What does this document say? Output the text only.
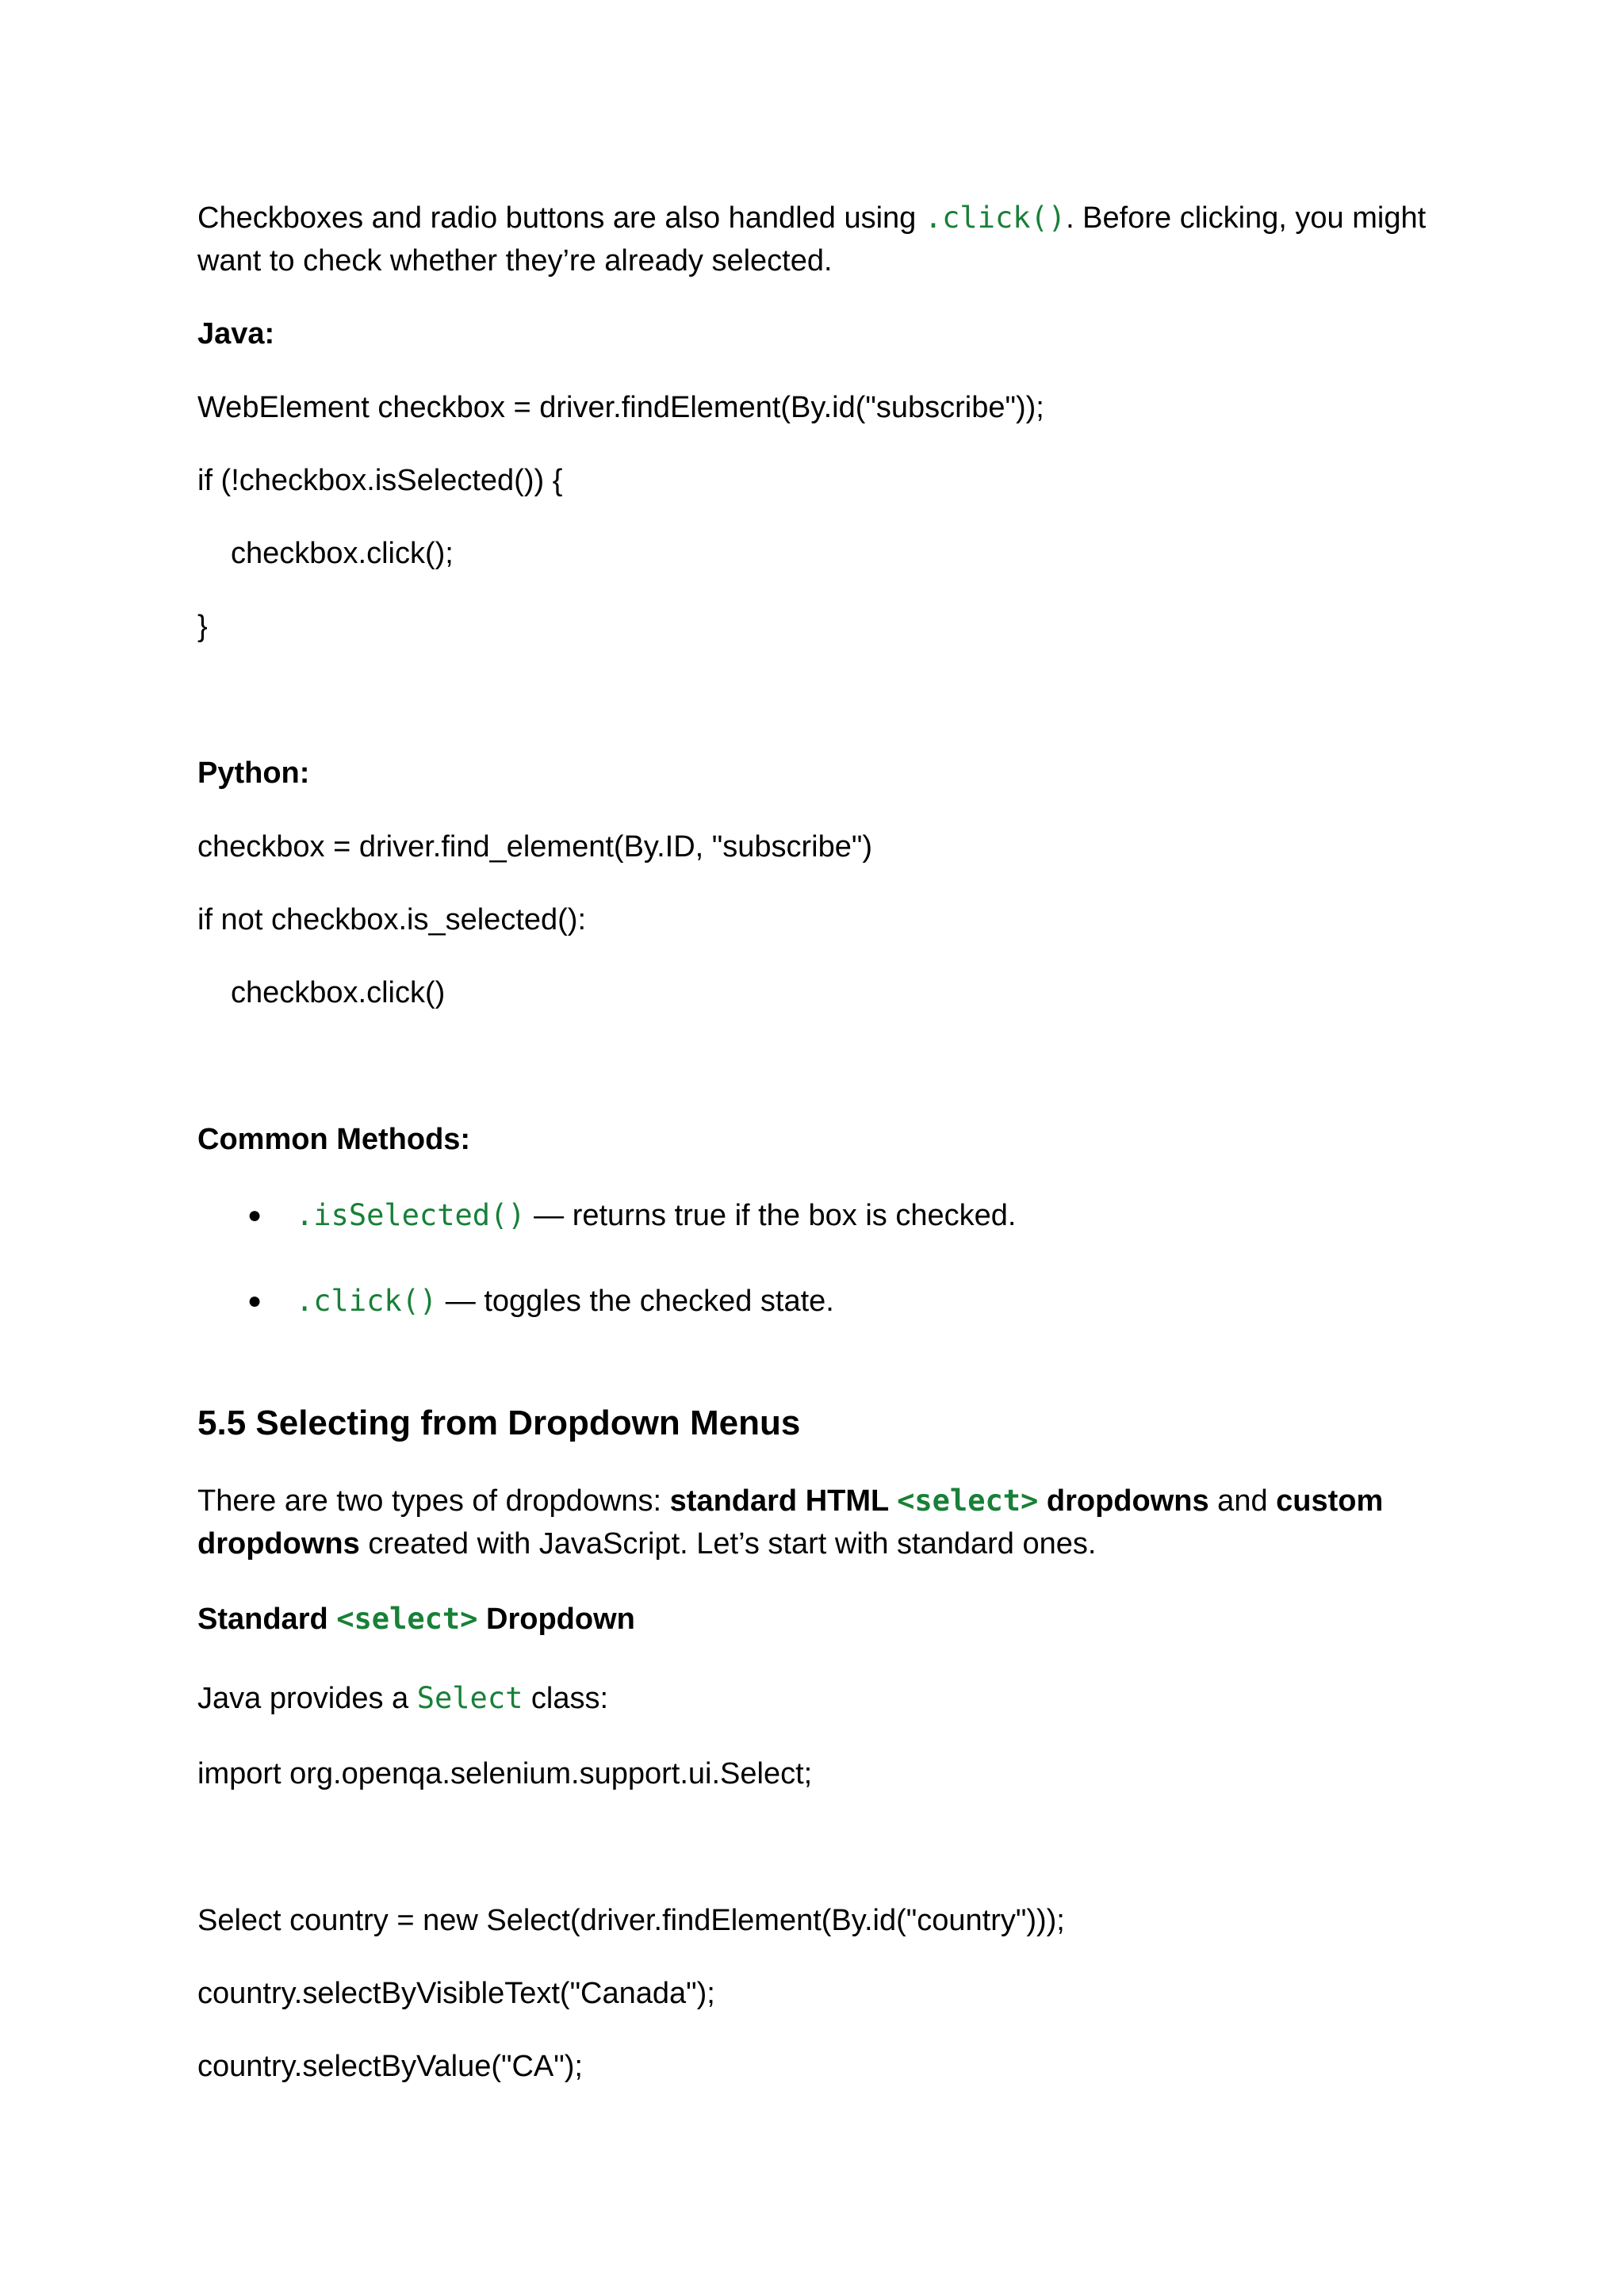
Checkboxes and radio buttons are also handled using .click(). Before clicking, you might
want to check whether they’re already selected.
Java:
WebElement checkbox = driver.findElement(By.id("subscribe"));
if (!checkbox.isSelected()) {
checkbox.click();
}
Python:
checkbox = driver.find_element(By.ID, "subscribe")
if not checkbox.is_selected():
checkbox.click()
Common Methods:
● .isSelected() — returns true if the box is checked.
● .click() — toggles the checked state.
5.5 Selecting from Dropdown Menus
There are two types of dropdowns: standard HTML <select> dropdowns and custom
dropdowns created with JavaScript. Let’s start with standard ones.
Standard <select> Dropdown
Java provides a Select class:
import org.openqa.selenium.support.ui.Select;
Select country = new Select(driver.findElement(By.id("country")));
country.selectByVisibleText("Canada");
country.selectByValue("CA");
